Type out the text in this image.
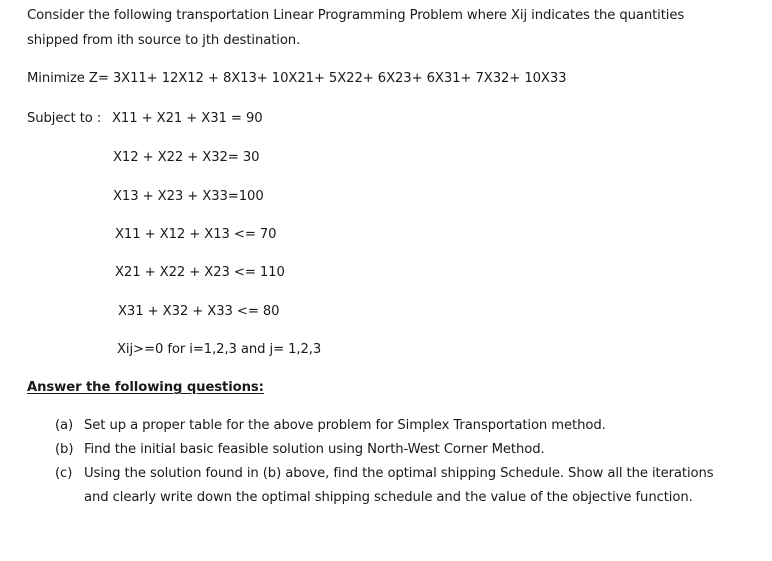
Consider the following transportation Linear Programming Problem where Xij indicates the quantities
shipped from ith source to jth destination.
Minimize Z= 3X11+ 12X12 + 8X13+ 10X21+ 5X22+ 6X23+ 6X31+ 7X32+ 10X33
Subject to : X11 + X21 + X31 = 90
X12 + X22 + X32= 30
X13 + X23 + X33=100
X11 + X12 + X13 <= 70
X21 + X22 + X23 <= 110
X31 + X32 + X33 <= 80
Xij>=0 for i=1,2,3 and j= 1,2,3
Answer the following questions:
(a) Set up a proper table for the above problem for Simplex Transportation method.
(b) Find the initial basic feasible solution using North-West Corner Method.
(c) Using the solution found in (b) above, find the optimal shipping Schedule. Show all the iterations
and clearly write down the optimal shipping schedule and the value of the objective function.
